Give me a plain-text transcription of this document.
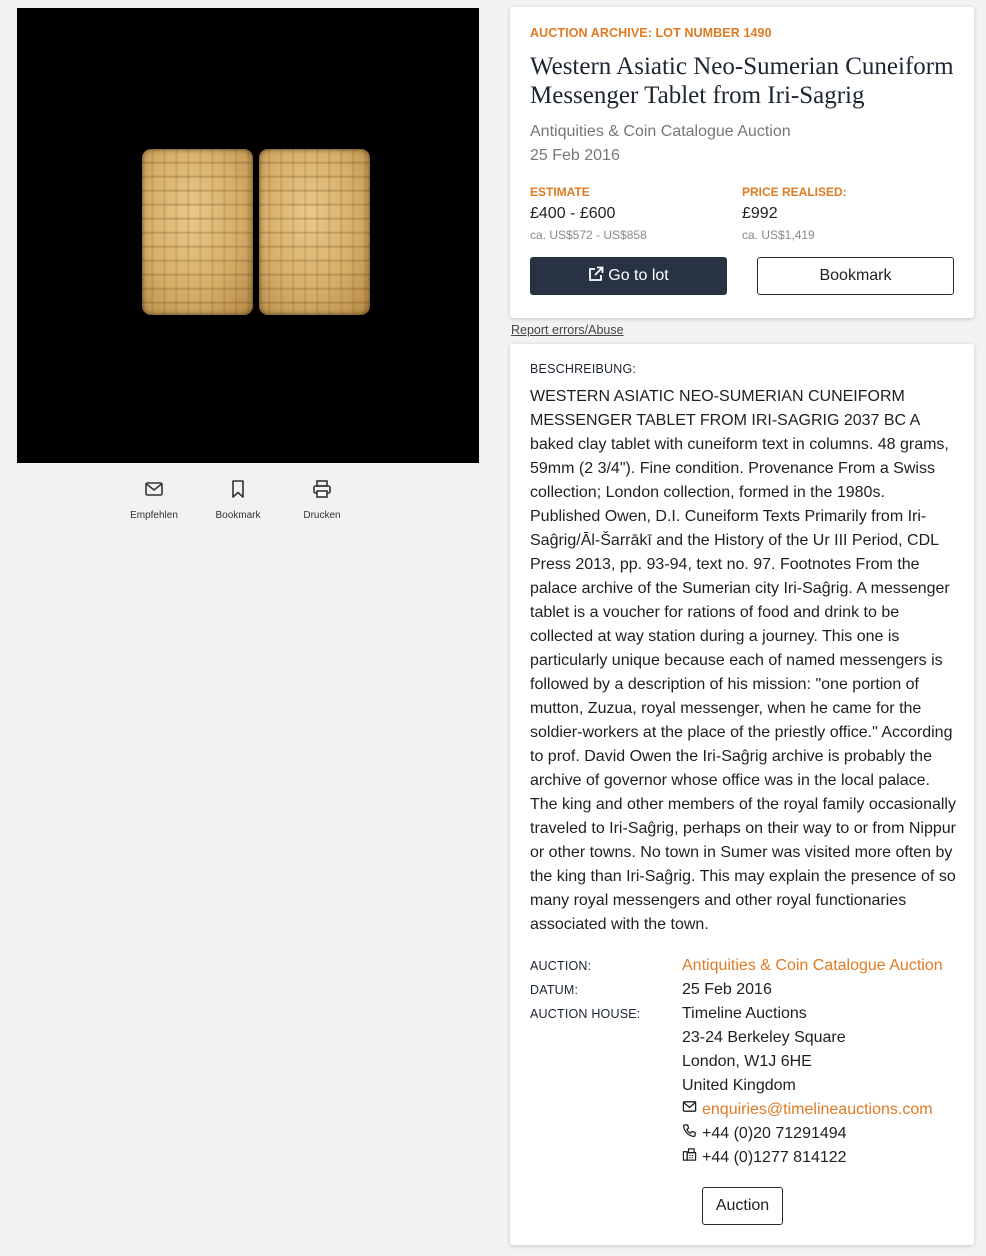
Empfehlen	Bookmark	Drucken
AUCTION ARCHIVE: LOT NUMBER 1490
Western Asiatic Neo-Sumerian Cuneiform Messenger Tablet from Iri-Sagrig
Antiquities & Coin Catalogue Auction
25 Feb 2016
ESTIMATE
£400 - £600
ca. US$572 - US$858
PRICE REALISED:
£992
ca. US$1,419
Go to lot	Bookmark
Report errors/Abuse
BESCHREIBUNG:
WESTERN ASIATIC NEO-SUMERIAN CUNEIFORM MESSENGER TABLET FROM IRI-SAGRIG 2037 BC A baked clay tablet with cuneiform text in columns. 48 grams, 59mm (2 3/4"). Fine condition. Provenance From a Swiss collection; London collection, formed in the 1980s. Published Owen, D.I. Cuneiform Texts Primarily from Iri-Saĝrig/Āl-Šarrākī and the History of the Ur III Period, CDL Press 2013, pp. 93-94, text no. 97. Footnotes From the palace archive of the Sumerian city Iri-Saĝrig. A messenger tablet is a voucher for rations of food and drink to be collected at way station during a journey. This one is particularly unique because each of named messengers is followed by a description of his mission: "one portion of mutton, Zuzua, royal messenger, when he came for the soldier-workers at the place of the priestly office." According to prof. David Owen the Iri-Saĝrig archive is probably the archive of governor whose office was in the local palace. The king and other members of the royal family occasionally traveled to Iri-Saĝrig, perhaps on their way to or from Nippur or other towns. No town in Sumer was visited more often by the king than Iri-Saĝrig. This may explain the presence of so many royal messengers and other royal functionaries associated with the town.
AUCTION:	Antiquities & Coin Catalogue Auction
DATUM:	25 Feb 2016
AUCTION HOUSE:	Timeline Auctions
23-24 Berkeley Square
London, W1J 6HE
United Kingdom
enquiries@timelineauctions.com
+44 (0)20 71291494
+44 (0)1277 814122
Auction
